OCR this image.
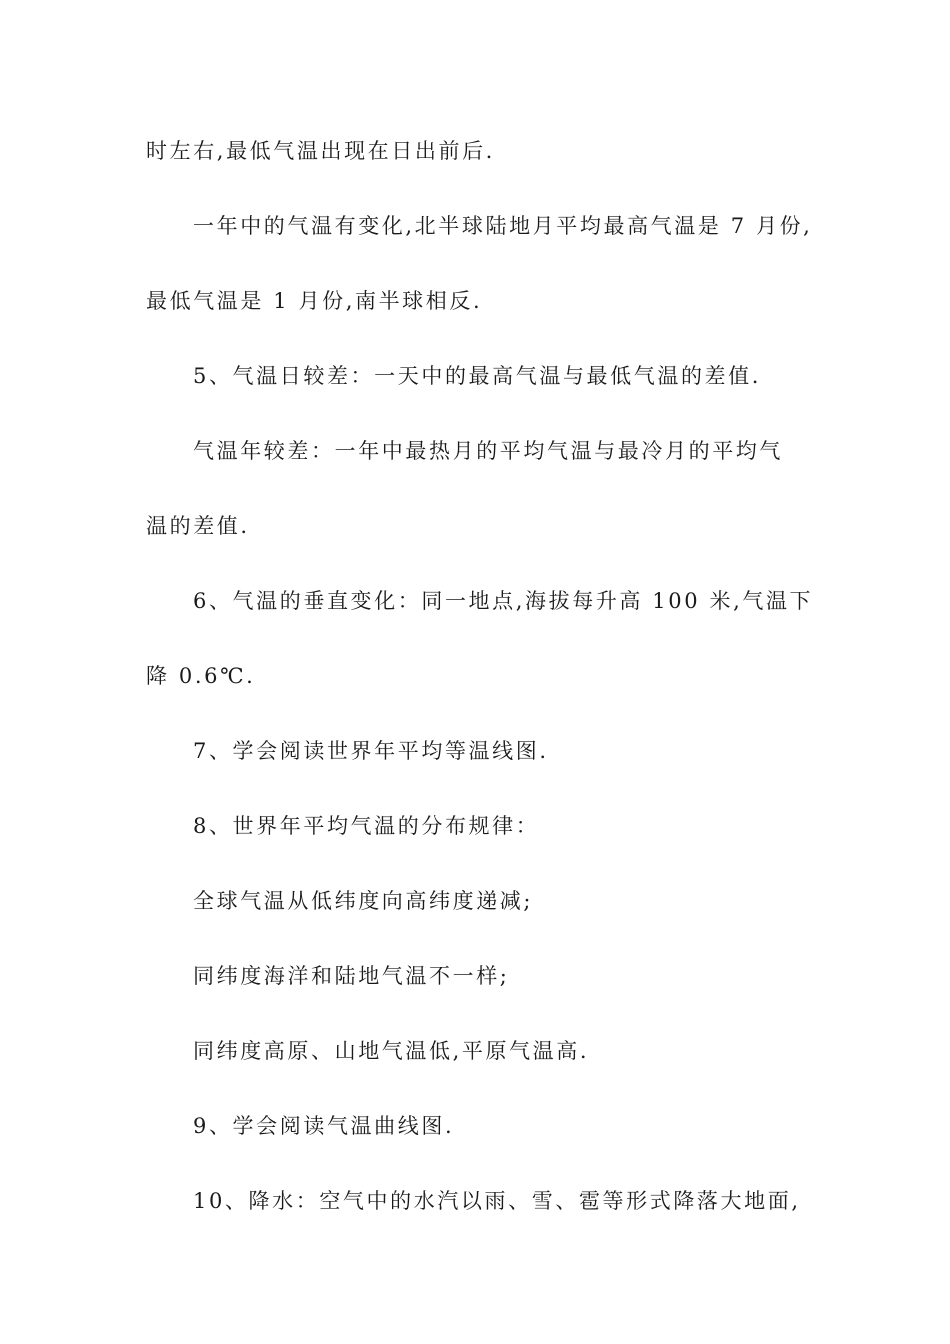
时左右,最低气温出现在日出前后.
一年中的气温有变化,北半球陆地月平均最高气温是 7 月份,
最低气温是 1 月份,南半球相反.
5、气温日较差：一天中的最高气温与最低气温的差值.
气温年较差：一年中最热月的平均气温与最冷月的平均气
温的差值.
6、气温的垂直变化：同一地点,海拔每升高 100 米,气温下
降 0.6℃.
7、学会阅读世界年平均等温线图.
8、世界年平均气温的分布规律：
全球气温从低纬度向高纬度递减;
同纬度海洋和陆地气温不一样;
同纬度高原、山地气温低,平原气温高.
9、学会阅读气温曲线图.
10、降水：空气中的水汽以雨、雪、雹等形式降落大地面,
